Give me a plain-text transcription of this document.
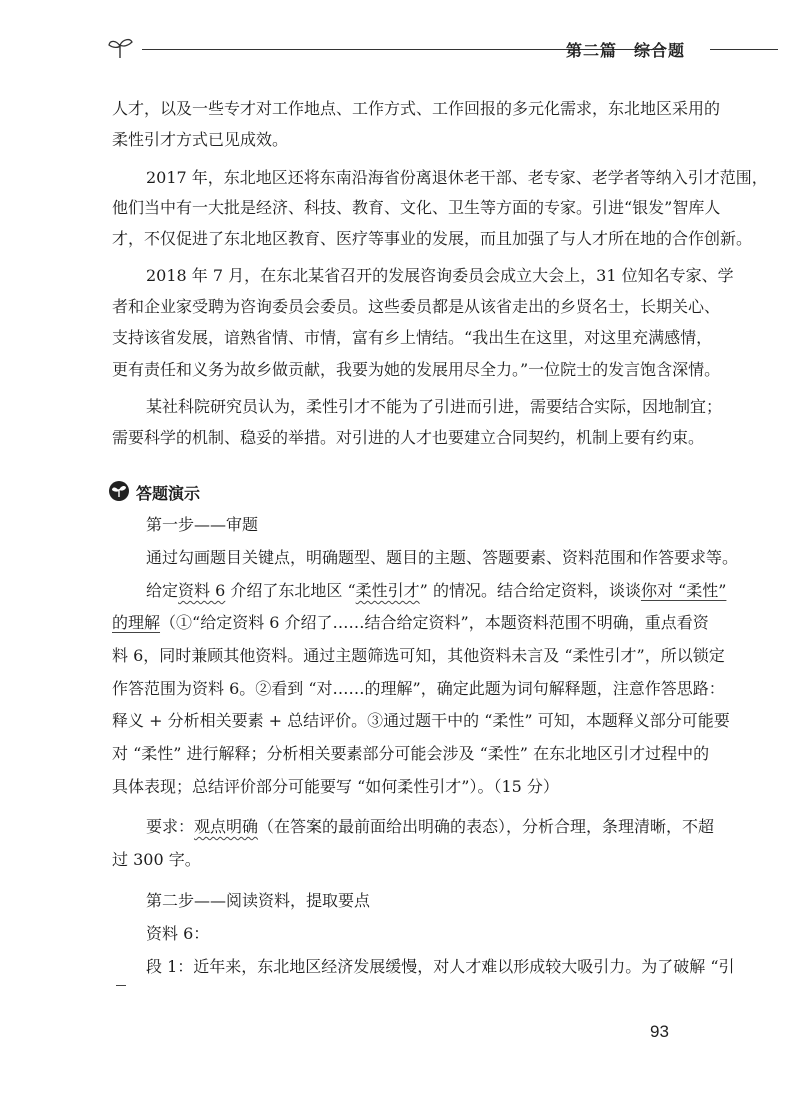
第二篇　综合题
人才，以及一些专才对工作地点、工作方式、工作回报的多元化需求，东北地区采用的
柔性引才方式已见成效。
2017 年，东北地区还将东南沿海省份离退休老干部、老专家、老学者等纳入引才范围，
他们当中有一大批是经济、科技、教育、文化、卫生等方面的专家。引进“银发”智库人
才，不仅促进了东北地区教育、医疗等事业的发展，而且加强了与人才所在地的合作创新。
2018 年 7 月，在东北某省召开的发展咨询委员会成立大会上，31 位知名专家、学
者和企业家受聘为咨询委员会委员。这些委员都是从该省走出的乡贤名士，长期关心、
支持该省发展，谙熟省情、市情，富有乡上情结。“我出生在这里，对这里充满感情，
更有责任和义务为故乡做贡献，我要为她的发展用尽全力。”一位院士的发言饱含深情。
某社科院研究员认为，柔性引才不能为了引进而引进，需要结合实际，因地制宜；
需要科学的机制、稳妥的举措。对引进的人才也要建立合同契约，机制上要有约束。
答题演示
第一步——审题
通过勾画题目关键点，明确题型、题目的主题、答题要素、资料范围和作答要求等。
给定资料 6 介绍了东北地区 “柔性引才” 的情况。结合给定资料，谈谈你对 “柔性”
的理解（①“给定资料 6 介绍了……结合给定资料”，本题资料范围不明确，重点看资
料 6，同时兼顾其他资料。通过主题筛选可知，其他资料未言及 “柔性引才”，所以锁定
作答范围为资料 6。②看到 “对……的理解”，确定此题为词句解释题，注意作答思路：
释义 + 分析相关要素 + 总结评价。③通过题干中的 “柔性” 可知，本题释义部分可能要
对 “柔性” 进行解释；分析相关要素部分可能会涉及 “柔性” 在东北地区引才过程中的
具体表现；总结评价部分可能要写 “如何柔性引才”）。（15 分）
要求：观点明确（在答案的最前面给出明确的表态），分析合理，条理清晰，不超
过 300 字。
第二步——阅读资料，提取要点
资料 6：
段 1：近年来，东北地区经济发展缓慢，对人才难以形成较大吸引力。为了破解 “引
93
